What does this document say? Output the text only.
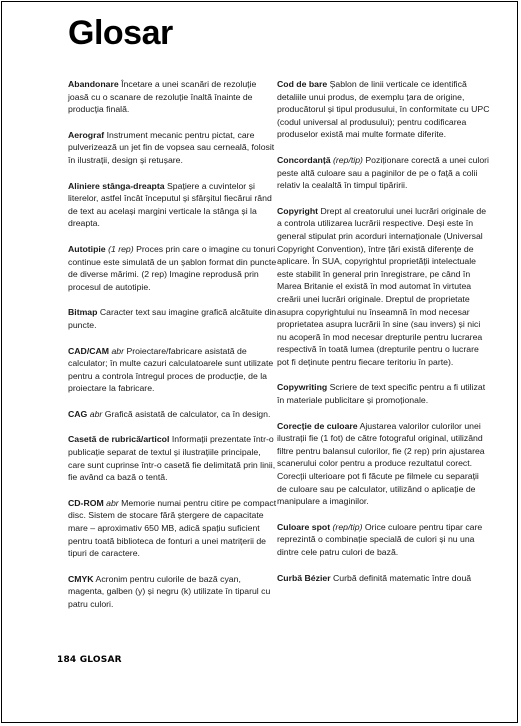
Glosar

Abandonare Încetare a unei scanări de rezoluție joasă cu o scanare de rezoluție înaltă înainte de producția finală.

Aerograf Instrument mecanic pentru pictat, care pulverizează un jet fin de vopsea sau cerneală, folosit în ilustrații, design și retușare.

Aliniere stânga-dreapta Spațiere a cuvintelor și literelor, astfel încât începutul și sfârșitul fiecărui rând de text au același margini verticale la stânga și la dreapta.

Autotipie (1 rep) Proces prin care o imagine cu tonuri continue este simulată de un șablon format din puncte de diverse mărimi. (2 rep) Imagine reprodusă prin procesul de autotipie.

Bitmap Caracter text sau imagine grafică alcătuite din puncte.

CAD/CAM abr Proiectare/fabricare asistată de calculator; în multe cazuri calculatoarele sunt utilizate pentru a controla întregul proces de producție, de la proiectare la fabricare.

CAG abr Grafică asistată de calculator, ca în design.

Casetă de rubrică/articol Informații prezentate într-o publicație separat de textul și ilustrațiile principale, care sunt cuprinse într-o casetă fie delimitată prin linii, fie având ca bază o tentă.

CD-ROM abr Memorie numai pentru citire pe compact disc. Sistem de stocare fără ștergere de capacitate mare – aproximativ 650 MB, adică spațiu suficient pentru toată biblioteca de fonturi a unei matrițerii de tipuri de caractere.

CMYK Acronim pentru culorile de bază cyan, magenta, galben (y) și negru (k) utilizate în tiparul cu patru culori.

Cod de bare Șablon de linii verticale ce identifică detaliile unui produs, de exemplu țara de origine, producătorul și tipul produsului, în conformitate cu UPC (codul universal al produsului); pentru codificarea produselor există mai multe formate diferite.

Concordanță (rep/tip) Poziționare corectă a unei culori peste altă culoare sau a paginilor de pe o față a colii relativ la cealaltă în timpul tipăririi.

Copyright Drept al creatorului unei lucrări originale de a controla utilizarea lucrării respective. Deși este în general stipulat prin acorduri internaționale (Universal Copyright Convention), între țări există diferențe de aplicare. În SUA, copyrightul proprietății intelectuale este stabilit în general prin înregistrare, pe când în Marea Britanie el există în mod automat în virtutea creării unei lucrări originale. Dreptul de proprietate asupra copyrightului nu înseamnă în mod necesar proprietatea asupra lucrării în sine (sau invers) și nici nu acoperă în mod necesar drepturile pentru lucrarea respectivă în toată lumea (drepturile pentru o lucrare pot fi deținute pentru fiecare teritoriu în parte).

Copywriting Scriere de text specific pentru a fi utilizat în materiale publicitare și promoționale.

Corecție de culoare Ajustarea valorilor culorilor unei ilustrații fie (1 fot) de către fotograful original, utilizând filtre pentru balansul culorilor, fie (2 rep) prin ajustarea scanerului color pentru a produce rezultatul corect. Corecții ulterioare pot fi făcute pe filmele cu separații de culoare sau pe calculator, utilizând o aplicație de manipulare a imaginilor.

Culoare spot (rep/tip) Orice culoare pentru tipar care reprezintă o combinație specială de culori și nu una dintre cele patru culori de bază.

Curbă Bézier Curbă definită matematic între două

184 GLOSAR
